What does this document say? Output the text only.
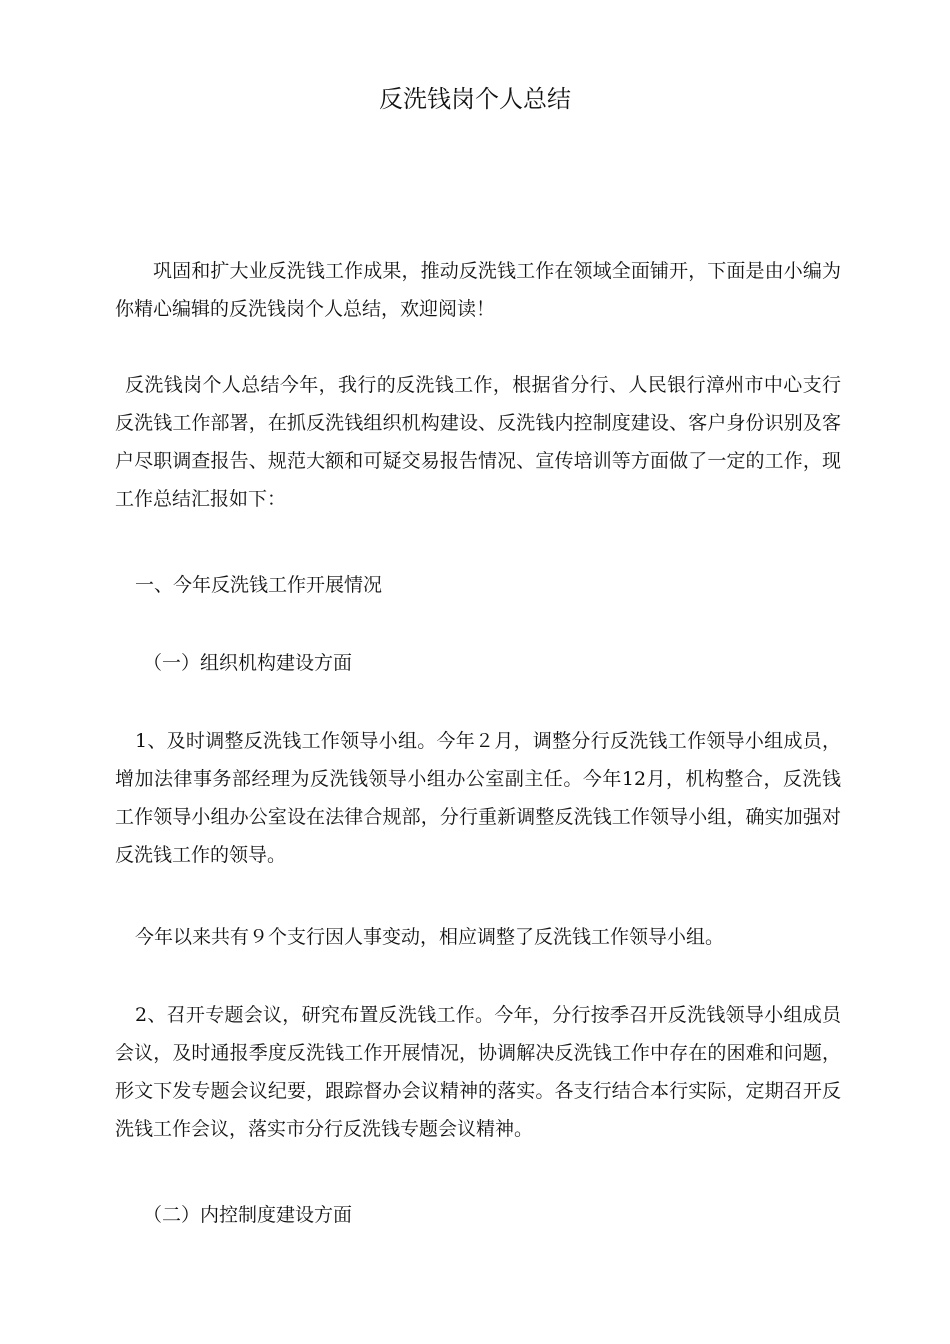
反洗钱岗个人总结

巩固和扩大业反洗钱工作成果，推动反洗钱工作在领域全面铺开，下面是由小编为你精心编辑的反洗钱岗个人总结，欢迎阅读！

反洗钱岗个人总结今年，我行的反洗钱工作，根据省分行、人民银行漳州市中心支行反洗钱工作部署，在抓反洗钱组织机构建设、反洗钱内控制度建设、客户身份识别及客户尽职调查报告、规范大额和可疑交易报告情况、宣传培训等方面做了一定的工作，现工作总结汇报如下：

一、今年反洗钱工作开展情况

（一）组织机构建设方面

1、及时调整反洗钱工作领导小组。今年２月，调整分行反洗钱工作领导小组成员，增加法律事务部经理为反洗钱领导小组办公室副主任。今年12月，机构整合，反洗钱工作领导小组办公室设在法律合规部，分行重新调整反洗钱工作领导小组，确实加强对反洗钱工作的领导。

今年以来共有９个支行因人事变动，相应调整了反洗钱工作领导小组。

2、召开专题会议，研究布置反洗钱工作。今年，分行按季召开反洗钱领导小组成员会议，及时通报季度反洗钱工作开展情况，协调解决反洗钱工作中存在的困难和问题，形文下发专题会议纪要，跟踪督办会议精神的落实。各支行结合本行实际，定期召开反洗钱工作会议，落实市分行反洗钱专题会议精神。

（二）内控制度建设方面
